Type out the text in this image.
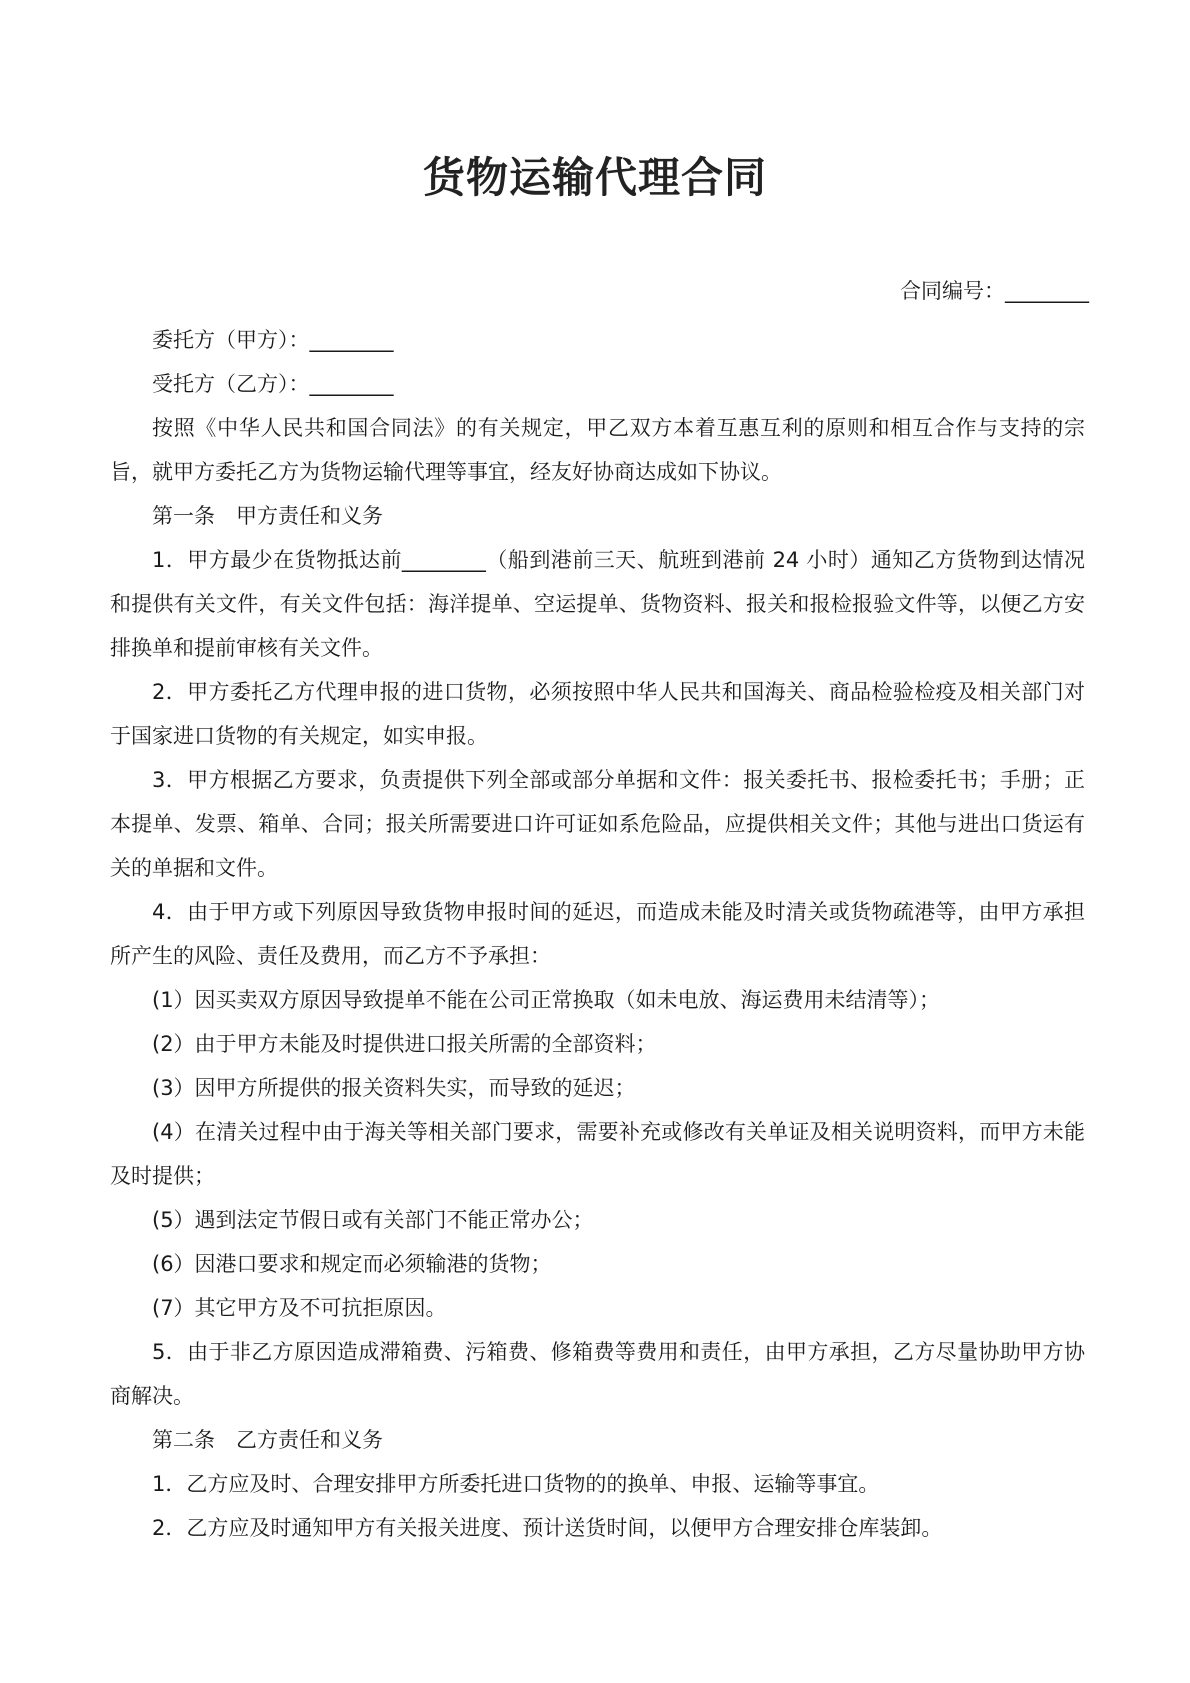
货物运输代理合同
合同编号：________

委托方（甲方）：________

受托方（乙方）：________

按照《中华人民共和国合同法》的有关规定，甲乙双方本着互惠互利的原则和相互合作与支持的宗旨，就甲方委托乙方为货物运输代理等事宜，经友好协商达成如下协议。

第一条　甲方责任和义务

1．甲方最少在货物抵达前________（船到港前三天、航班到港前 24 小时）通知乙方货物到达情况和提供有关文件，有关文件包括：海洋提单、空运提单、货物资料、报关和报检报验文件等，以便乙方安排换单和提前审核有关文件。

2．甲方委托乙方代理申报的进口货物，必须按照中华人民共和国海关、商品检验检疫及相关部门对于国家进口货物的有关规定，如实申报。

3．甲方根据乙方要求，负责提供下列全部或部分单据和文件：报关委托书、报检委托书；手册；正本提单、发票、箱单、合同；报关所需要进口许可证如系危险品，应提供相关文件；其他与进出口货运有关的单据和文件。

4．由于甲方或下列原因导致货物申报时间的延迟，而造成未能及时清关或货物疏港等，由甲方承担所产生的风险、责任及费用，而乙方不予承担：

(1）因买卖双方原因导致提单不能在公司正常换取（如未电放、海运费用未结清等）；

(2）由于甲方未能及时提供进口报关所需的全部资料；

(3）因甲方所提供的报关资料失实，而导致的延迟；

(4）在清关过程中由于海关等相关部门要求，需要补充或修改有关单证及相关说明资料，而甲方未能及时提供；

(5）遇到法定节假日或有关部门不能正常办公；

(6）因港口要求和规定而必须输港的货物；

(7）其它甲方及不可抗拒原因。

5．由于非乙方原因造成滞箱费、污箱费、修箱费等费用和责任，由甲方承担，乙方尽量协助甲方协商解决。

第二条　乙方责任和义务

1．乙方应及时、合理安排甲方所委托进口货物的的换单、申报、运输等事宜。

2．乙方应及时通知甲方有关报关进度、预计送货时间，以便甲方合理安排仓库装卸。
